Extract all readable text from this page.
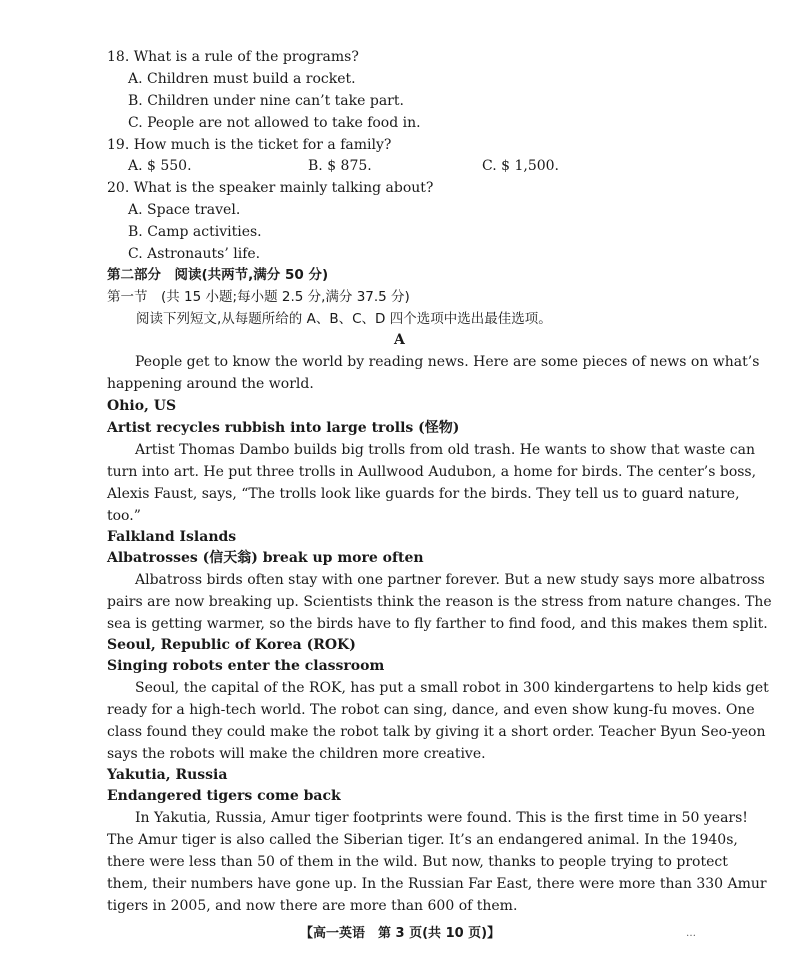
18. What is a rule of the programs?
A. Children must build a rocket.
B. Children under nine can’t take part.
C. People are not allowed to take food in.
19. How much is the ticket for a family?
A. $ 550.	B. $ 875.	C. $ 1,500.
20. What is the speaker mainly talking about?
A. Space travel.
B. Camp activities.
C. Astronauts’ life.
第二部分　阅读(共两节,满分 50 分)
第一节　(共 15 小题;每小题 2.5 分,满分 37.5 分)
阅读下列短文,从每题所给的 A、B、C、D 四个选项中选出最佳选项。
A
People get to know the world by reading news. Here are some pieces of news on what’s
happening around the world.
Ohio, US
Artist recycles rubbish into large trolls (怪物)
Artist Thomas Dambo builds big trolls from old trash. He wants to show that waste can
turn into art. He put three trolls in Aullwood Audubon, a home for birds. The center’s boss,
Alexis Faust, says, “The trolls look like guards for the birds. They tell us to guard nature,
too.”
Falkland Islands
Albatrosses (信天翁) break up more often
Albatross birds often stay with one partner forever. But a new study says more albatross
pairs are now breaking up. Scientists think the reason is the stress from nature changes. The
sea is getting warmer, so the birds have to fly farther to find food, and this makes them split.
Seoul, Republic of Korea (ROK)
Singing robots enter the classroom
Seoul, the capital of the ROK, has put a small robot in 300 kindergartens to help kids get
ready for a high-tech world. The robot can sing, dance, and even show kung-fu moves. One
class found they could make the robot talk by giving it a short order. Teacher Byun Seo-yeon
says the robots will make the children more creative.
Yakutia, Russia
Endangered tigers come back
In Yakutia, Russia, Amur tiger footprints were found. This is the first time in 50 years!
The Amur tiger is also called the Siberian tiger. It’s an endangered animal. In the 1940s,
there were less than 50 of them in the wild. But now, thanks to people trying to protect
them, their numbers have gone up. In the Russian Far East, there were more than 330 Amur
tigers in 2005, and now there are more than 600 of them.
【高一英语　第 3 页(共 10 页)】	…
